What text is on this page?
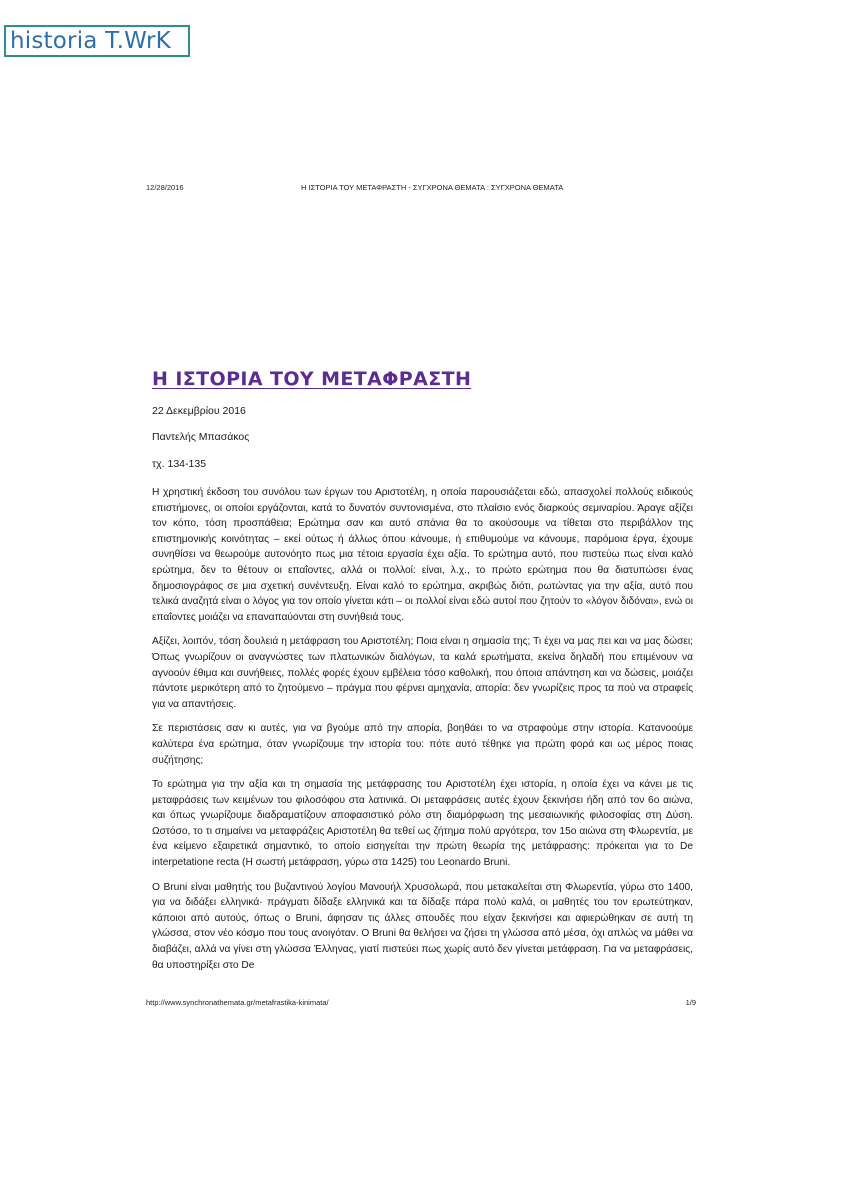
historia T.WrK
12/28/2016	Η ΙΣΤΟΡΙΑ ΤΟΥ ΜΕΤΑΦΡΑΣΤΗ - ΣΥΓΧΡΟΝΑ ΘΕΜΑΤΑ : ΣΥΓΧΡΟΝΑ ΘΕΜΑΤΑ
Η ΙΣΤΟΡΙΑ ΤΟΥ ΜΕΤΑΦΡΑΣΤΗ

22 Δεκεμβρίου 2016

Παντελής Μπασάκος

τχ. 134-135

Η χρηστική έκδοση του συνόλου των έργων του Αριστοτέλη, η οποία παρουσιάζεται εδώ, απασχολεί πολλούς ειδικούς επιστήμονες, οι οποίοι εργάζονται, κατά το δυνατόν συντονισμένα, στο πλαίσιο ενός διαρκούς σεμιναρίου. Άραγε αξίζει τον κόπο, τόση προσπάθεια; Ερώτημα σαν και αυτό σπάνια θα το ακούσουμε να τίθεται στο περιβάλλον της επιστημονικής κοινότητας – εκεί ούτως ή άλλως όπου κάνουμε, ή επιθυμούμε να κάνουμε, παρόμοια έργα, έχουμε συνηθίσει να θεωρούμε αυτονόητο πως μια τέτοια εργασία έχει αξία. Το ερώτημα αυτό, που πιστεύω πως είναι καλό ερώτημα, δεν το θέτουν οι επαΐοντες, αλλά οι πολλοί: είναι, λ.χ., το πρώτο ερώτημα που θα διατυπώσει ένας δημοσιογράφος σε μια σχετική συνέντευξη. Είναι καλό το ερώτημα, ακριβώς διότι, ρωτώντας για την αξία, αυτό που τελικά αναζητά είναι ο λόγος για τον οποίο γίνεται κάτι – οι πολλοί είναι εδώ αυτοί που ζητούν το «λόγον διδόναι», ενώ οι επαΐοντες μοιάζει να επαναπαύονται στη συνήθειά τους.

Αξίζει, λοιπόν, τόση δουλειά η μετάφραση του Αριστοτέλη; Ποια είναι η σημασία της; Τι έχει να μας πει και να μας δώσει; Όπως γνωρίζουν οι αναγνώστες των πλατωνικών διαλόγων, τα καλά ερωτήματα, εκείνα δηλαδή που επιμένουν να αγνοούν έθιμα και συνήθειες, πολλές φορές έχουν εμβέλεια τόσο καθολική, που όποια απάντηση και να δώσεις, μοιάζει πάντοτε μερικότερη από το ζητούμενο – πράγμα που φέρνει αμηχανία, απορία: δεν γνωρίζεις προς τα πού να στραφείς για να απαντήσεις.

Σε περιστάσεις σαν κι αυτές, για να βγούμε από την απορία, βοηθάει το να στραφούμε στην ιστορία. Κατανοούμε καλύτερα ένα ερώτημα, όταν γνωρίζουμε την ιστορία του: πότε αυτό τέθηκε για πρώτη φορά και ως μέρος ποιας συζήτησης;

Το ερώτημα για την αξία και τη σημασία της μετάφρασης του Αριστοτέλη έχει ιστορία, η οποία έχει να κάνει με τις μεταφράσεις των κειμένων του φιλοσόφου στα λατινικά. Οι μεταφράσεις αυτές έχουν ξεκινήσει ήδη από τον 6ο αιώνα, και όπως γνωρίζουμε διαδραματίζουν αποφασιστικό ρόλο στη διαμόρφωση της μεσαιωνικής φιλοσοφίας στη Δύση. Ωστόσο, το τι σημαίνει να μεταφράζεις Αριστοτέλη θα τεθεί ως ζήτημα πολύ αργότερα, τον 15ο αιώνα στη Φλωρεντία, με ένα κείμενο εξαιρετικά σημαντικό, το οποίο εισηγείται την πρώτη θεωρία της μετάφρασης: πρόκειται για το De interpetatione recta (Η σωστή μετάφραση, γύρω στα 1425) του Leonardo Bruni.

Ο Bruni είναι μαθητής του βυζαντινού λογίου Μανουήλ Χρυσολωρά, που μετακαλείται στη Φλωρεντία, γύρω στο 1400, για να διδάξει ελληνικά· πράγματι δίδαξε ελληνικά και τα δίδαξε πάρα πολύ καλά, οι μαθητές του τον ερωτεύτηκαν, κάποιοι από αυτούς, όπως ο Bruni, άφησαν τις άλλες σπουδές που είχαν ξεκινήσει και αφιερώθηκαν σε αυτή τη γλώσσα, στον νέο κόσμο που τους ανοιγόταν. Ο Bruni θα θελήσει να ζήσει τη γλώσσα από μέσα, όχι απλώς να μάθει να διαβάζει, αλλά να γίνει στη γλώσσα Έλληνας, γιατί πιστεύει πως χωρίς αυτό δεν γίνεται μετάφραση. Για να μεταφράσεις, θα υποστηρίξει στο De

http://www.synchronathemata.gr/metafrastika-kinimata/	1/9
